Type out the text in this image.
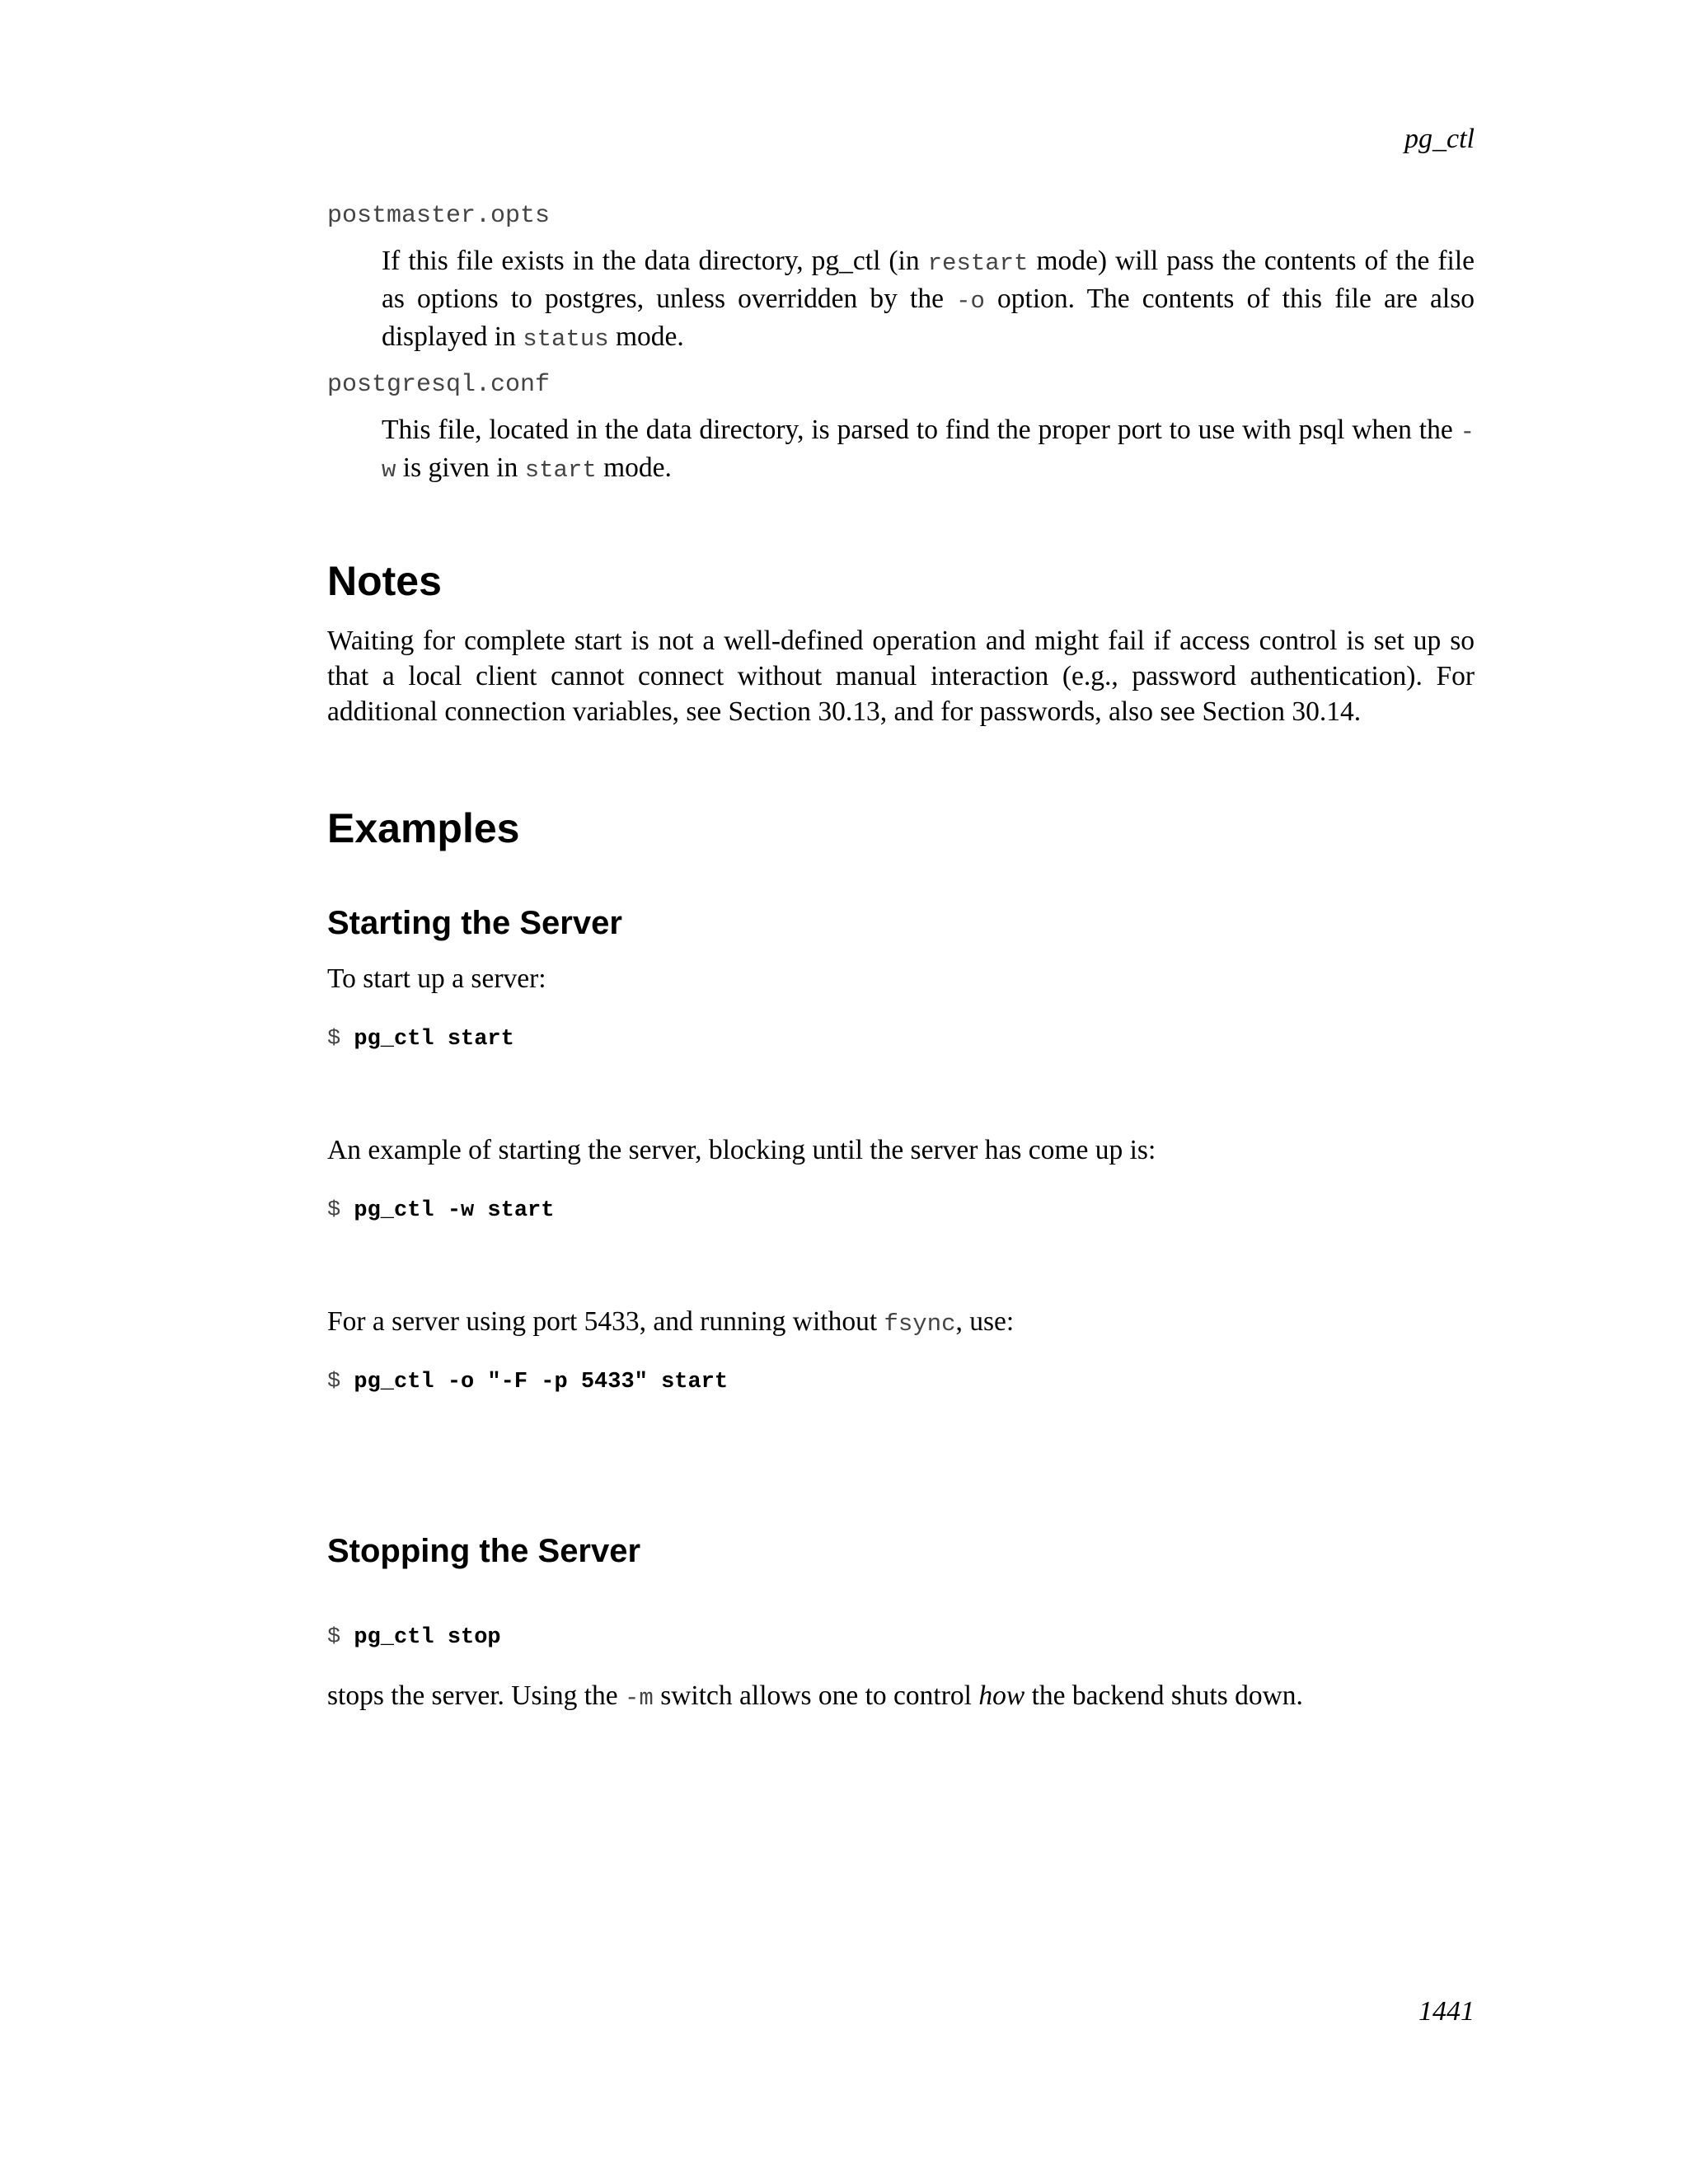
pg_ctl
postmaster.opts

If this file exists in the data directory, pg_ctl (in restart mode) will pass the contents of the file as options to postgres, unless overridden by the -o option. The contents of this file are also displayed in status mode.

postgresql.conf

This file, located in the data directory, is parsed to find the proper port to use with psql when the -w is given in start mode.

Notes

Waiting for complete start is not a well-defined operation and might fail if access control is set up so that a local client cannot connect without manual interaction (e.g., password authentication). For additional connection variables, see Section 30.13, and for passwords, also see Section 30.14.

Examples
Starting the Server

To start up a server:

$ pg_ctl start

An example of starting the server, blocking until the server has come up is:

$ pg_ctl -w start

For a server using port 5433, and running without fsync, use:

$ pg_ctl -o "-F -p 5433" start
Stopping the Server
$ pg_ctl stop

stops the server. Using the -m switch allows one to control how the backend shuts down.

1441
